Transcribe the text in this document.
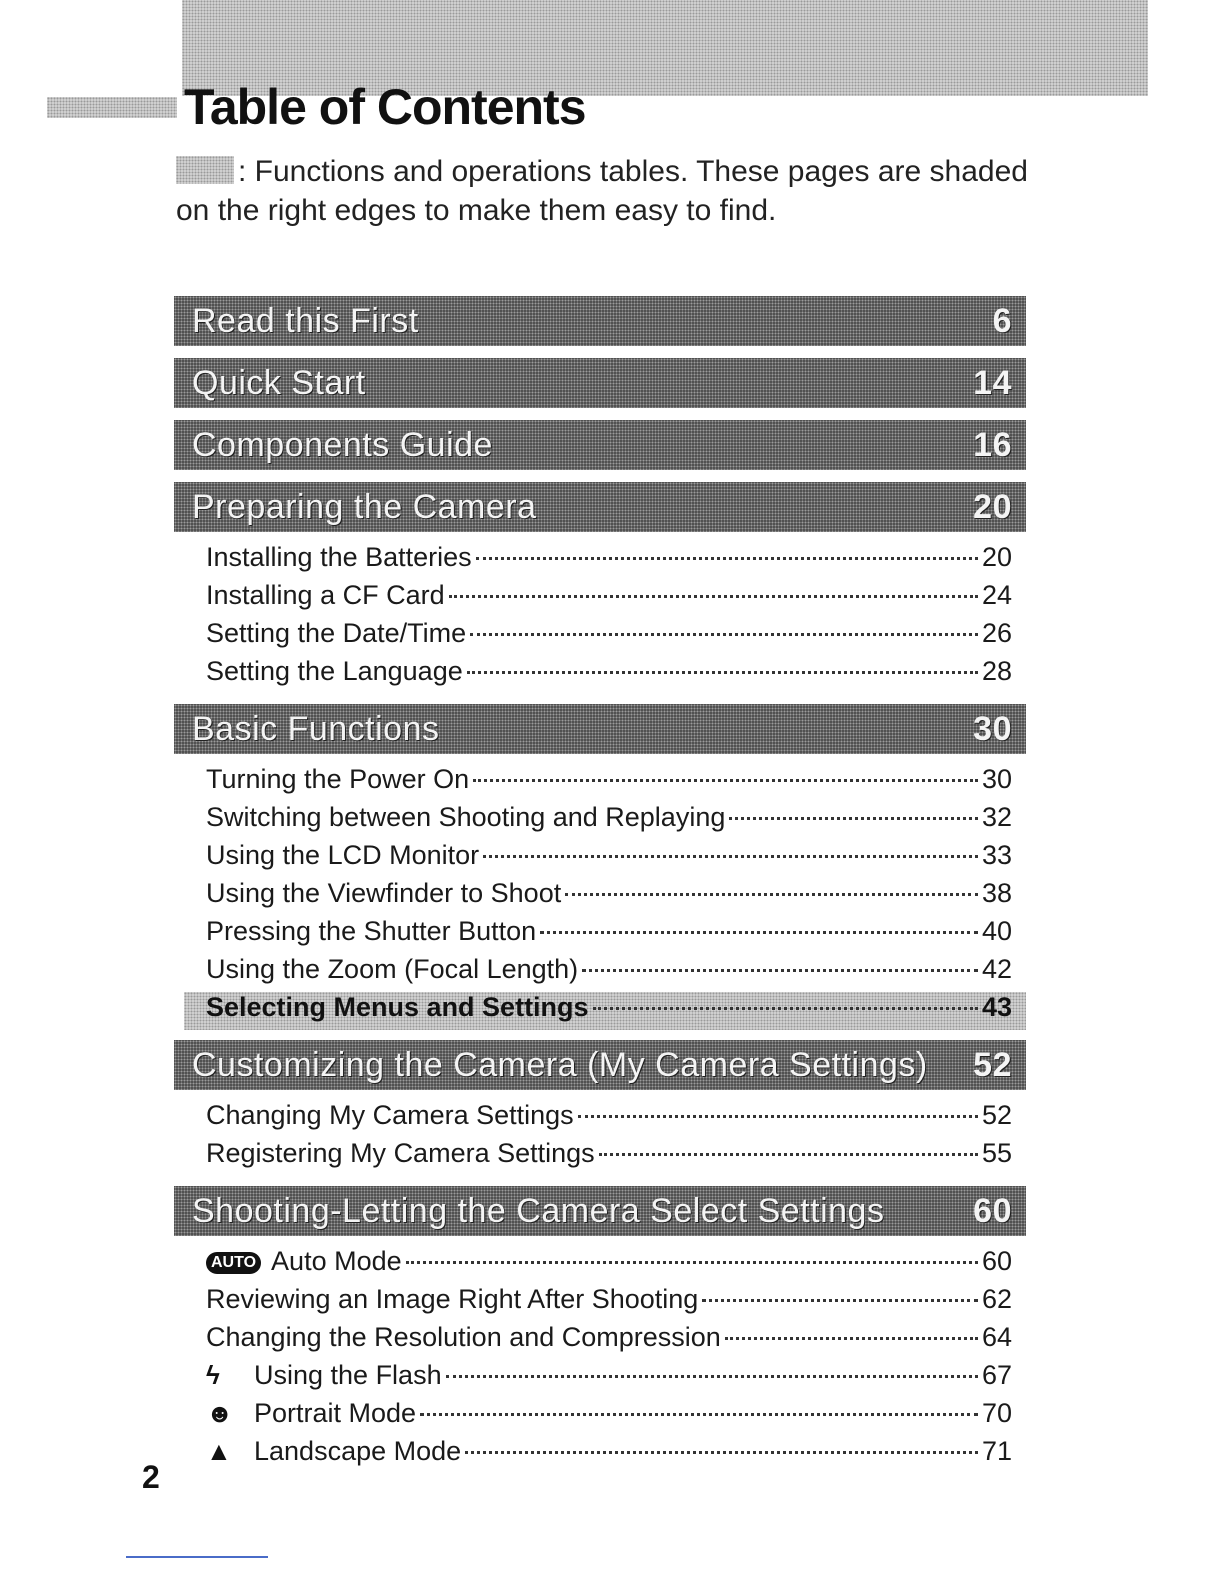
Table of Contents
: Functions and operations tables. These pages are shaded on the right edges to make them easy to find.
Read this First	6
Quick Start	14
Components Guide	16
Preparing the Camera	20
Installing the Batteries	20
Installing a CF Card	24
Setting the Date/Time	26
Setting the Language	28
Basic Functions	30
Turning the Power On	30
Switching between Shooting and Replaying	32
Using the LCD Monitor	33
Using the Viewfinder to Shoot	38
Pressing the Shutter Button	40
Using the Zoom (Focal Length)	42
Selecting Menus and Settings	43
Customizing the Camera (My Camera Settings) 52
Changing My Camera Settings	52
Registering My Camera Settings	55
Shooting-Letting the Camera Select Settings	60
AUTO Auto Mode	60
Reviewing an Image Right After Shooting	62
Changing the Resolution and Compression	64
ϟ Using the Flash	67
☻ Portrait Mode	70
▲ Landscape Mode	71
2
